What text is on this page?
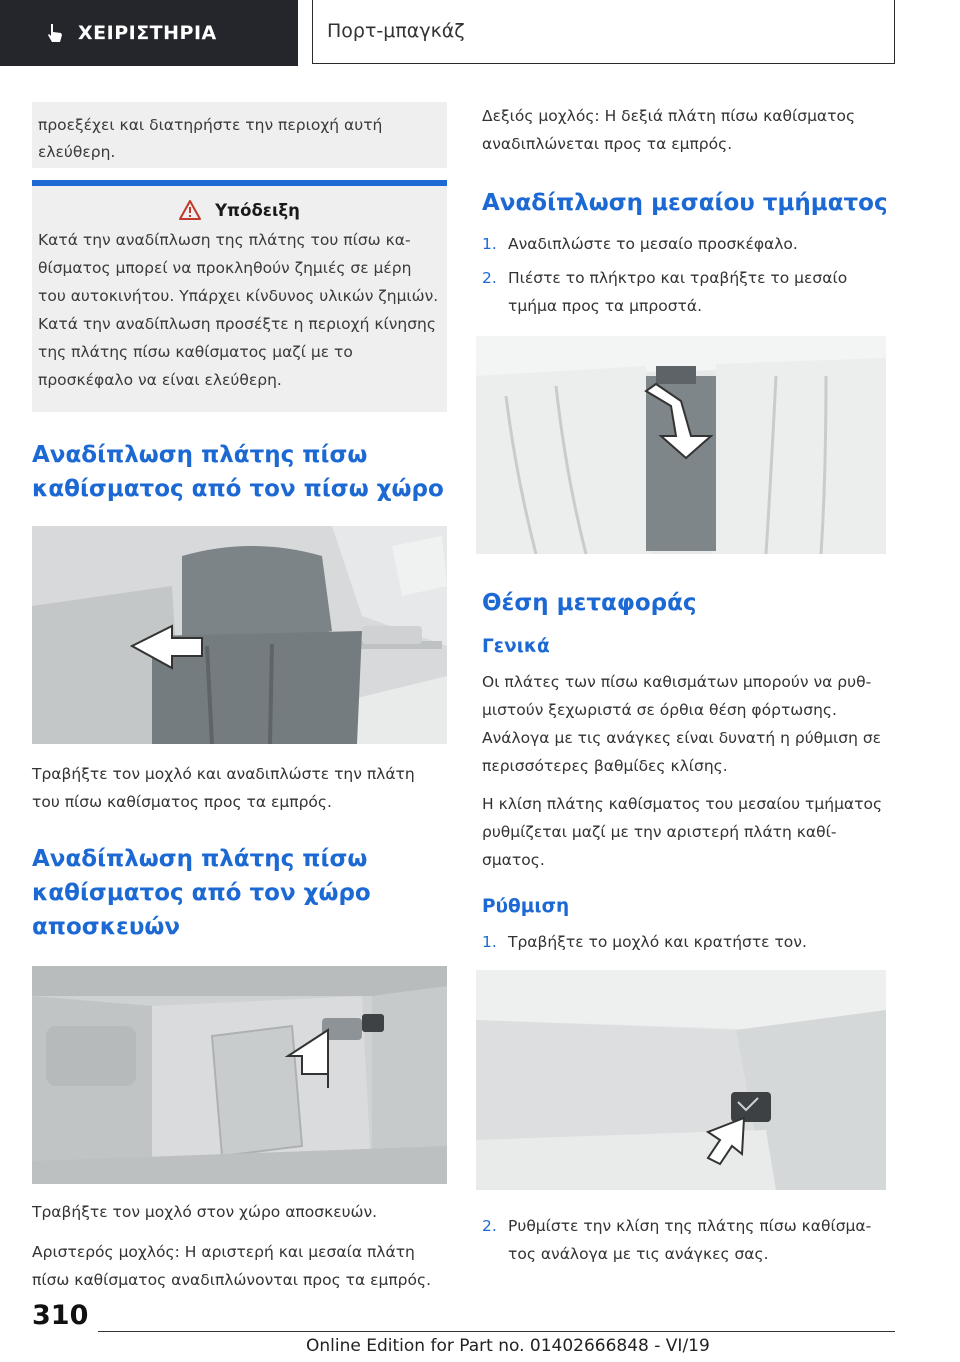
ΧΕΙΡΙΣΤΗΡΙΑ	Πορτ-μπαγκάζ
προεξέχει και διατηρήστε την περιοχή αυτή ελεύθερη.
Υπόδειξη
Κατά την αναδίπλωση της πλάτης του πίσω καθίσματος μπορεί να προκληθούν ζημιές σε μέρη του αυτοκινήτου. Υπάρχει κίνδυνος υλικών ζημιών. Κατά την αναδίπλωση προσέξτε η περιοχή κίνησης της πλάτης πίσω καθίσματος μαζί με το προσκέφαλο να είναι ελεύθερη.
Αναδίπλωση πλάτης πίσω καθίσματος από τον πίσω χώρο

Τραβήξτε τον μοχλό και αναδιπλώστε την πλάτη του πίσω καθίσματος προς τα εμπρός.

Αναδίπλωση πλάτης πίσω καθίσματος από τον χώρο αποσκευών

Τραβήξτε τον μοχλό στον χώρο αποσκευών.

Αριστερός μοχλός: Η αριστερή και μεσαία πλάτη πίσω καθίσματος αναδιπλώνονται προς τα εμπρός.

Δεξιός μοχλός: Η δεξιά πλάτη πίσω καθίσματος αναδιπλώνεται προς τα εμπρός.

Αναδίπλωση μεσαίου τμήματος
1. Αναδιπλώστε το μεσαίο προσκέφαλο.
2. Πιέστε το πλήκτρο και τραβήξτε το μεσαίο τμήμα προς τα μπροστά.
Θέση μεταφοράς
Γενικά

Οι πλάτες των πίσω καθισμάτων μπορούν να ρυθμιστούν ξεχωριστά σε όρθια θέση φόρτωσης. Ανάλογα με τις ανάγκες είναι δυνατή η ρύθμιση σε περισσότερες βαθμίδες κλίσης.

Η κλίση πλάτης καθίσματος του μεσαίου τμήματος ρυθμίζεται μαζί με την αριστερή πλάτη καθίσματος.

Ρύθμιση
1. Τραβήξτε το μοχλό και κρατήστε τον.
2. Ρυθμίστε την κλίση της πλάτης πίσω καθίσματος ανάλογα με τις ανάγκες σας.
310
Online Edition for Part no. 01402666848 - VI/19
